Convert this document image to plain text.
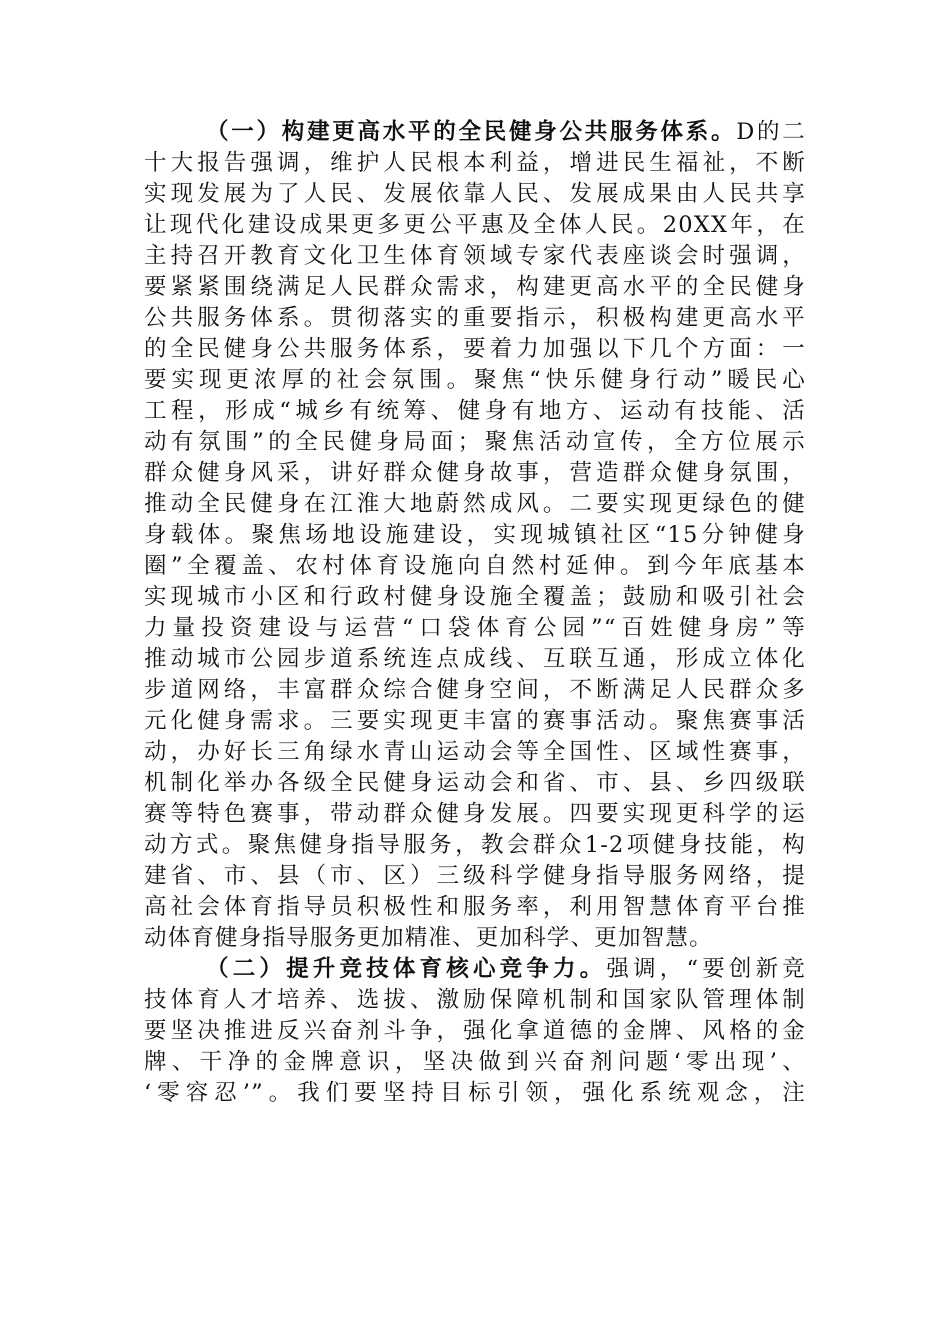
（一）构建更高水平的全民健身公共服务体系。D的二
十大报告强调，维护人民根本利益，增进民生福祉，不断
实现发展为了人民、发展依靠人民、发展成果由人民共享
让现代化建设成果更多更公平惠及全体人民。20XX年，在
主持召开教育文化卫生体育领域专家代表座谈会时强调，
要紧紧围绕满足人民群众需求，构建更高水平的全民健身
公共服务体系。贯彻落实的重要指示，积极构建更高水平
的全民健身公共服务体系，要着力加强以下几个方面：一
要实现更浓厚的社会氛围。聚焦“快乐健身行动”暖民心
工程，形成“城乡有统筹、健身有地方、运动有技能、活
动有氛围”的全民健身局面；聚焦活动宣传，全方位展示
群众健身风采，讲好群众健身故事，营造群众健身氛围，
推动全民健身在江淮大地蔚然成风。二要实现更绿色的健
身载体。聚焦场地设施建设，实现城镇社区“15分钟健身
圈”全覆盖、农村体育设施向自然村延伸。到今年底基本
实现城市小区和行政村健身设施全覆盖；鼓励和吸引社会
力量投资建设与运营“口袋体育公园”“百姓健身房”等
推动城市公园步道系统连点成线、互联互通，形成立体化
步道网络，丰富群众综合健身空间，不断满足人民群众多
元化健身需求。三要实现更丰富的赛事活动。聚焦赛事活
动，办好长三角绿水青山运动会等全国性、区域性赛事，
机制化举办各级全民健身运动会和省、市、县、乡四级联
赛等特色赛事，带动群众健身发展。四要实现更科学的运
动方式。聚焦健身指导服务，教会群众1-2项健身技能，构
建省、市、县（市、区）三级科学健身指导服务网络，提
高社会体育指导员积极性和服务率，利用智慧体育平台推
动体育健身指导服务更加精准、更加科学、更加智慧。
（二）提升竞技体育核心竞争力。强调，“要创新竞
技体育人才培养、选拔、激励保障机制和国家队管理体制
要坚决推进反兴奋剂斗争，强化拿道德的金牌、风格的金
牌、干净的金牌意识，坚决做到兴奋剂问题‘零出现’、
‘零容忍’”。我们要坚持目标引领，强化系统观念，注
